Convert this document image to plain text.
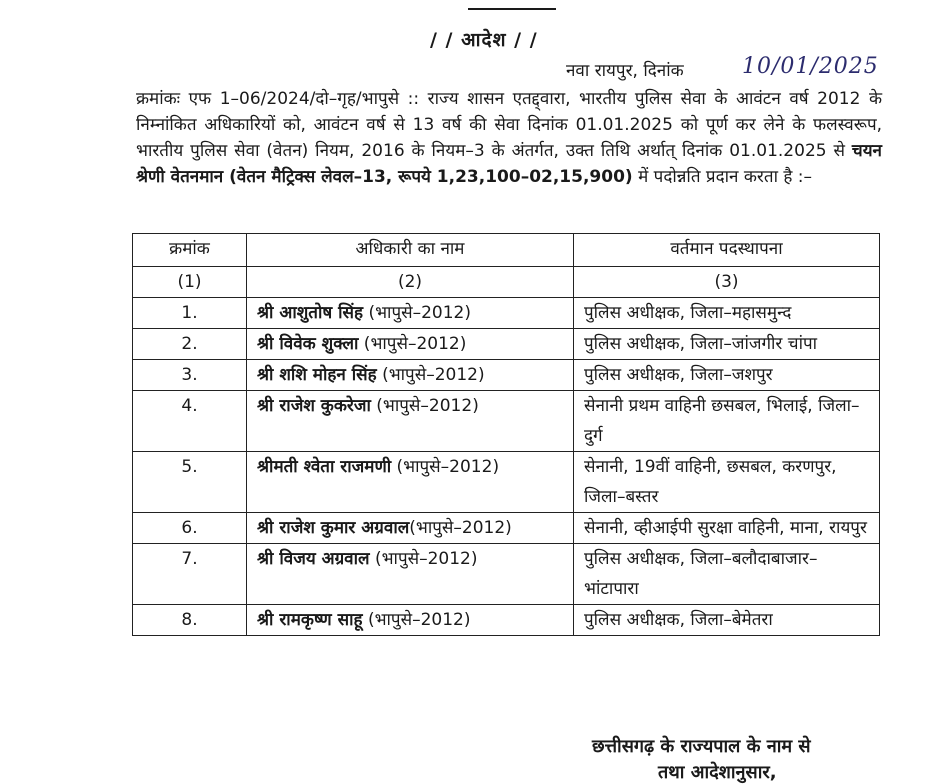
/ / आदेश / /
नवा रायपुर, दिनांक	10/01/2025
क्रमांकः एफ 1–06/2024/दो–गृह/भापुसे :: राज्य शासन एतद्द्वारा, भारतीय पुलिस सेवा के आवंटन वर्ष 2012 के निम्नांकित अधिकारियों को, आवंटन वर्ष से 13 वर्ष की सेवा दिनांक 01.01.2025 को पूर्ण कर लेने के फलस्वरूप, भारतीय पुलिस सेवा (वेतन) नियम, 2016 के नियम–3 के अंतर्गत, उक्त तिथि अर्थात् दिनांक 01.01.2025 से चयन श्रेणी वेतनमान (वेतन मैट्रिक्स लेवल–13, रूपये 1,23,100–02,15,900) में पदोन्नति प्रदान करता है :–
क्रमांक	अधिकारी का नाम	वर्तमान पदस्थापना
(1)	(2)	(3)
1.	श्री आशुतोष सिंह (भापुसे–2012)	पुलिस अधीक्षक, जिला–महासमुन्द
2.	श्री विवेक शुक्ला (भापुसे–2012)	पुलिस अधीक्षक, जिला–जांजगीर चांपा
3.	श्री शशि मोहन सिंह (भापुसे–2012)	पुलिस अधीक्षक, जिला–जशपुर
4.	श्री राजेश कुकरेजा (भापुसे–2012)	सेनानी प्रथम वाहिनी छसबल, भिलाई, जिला–दुर्ग
5.	श्रीमती श्वेता राजमणी (भापुसे–2012)	सेनानी, 19वीं वाहिनी, छसबल, करणपुर, जिला–बस्तर
6.	श्री राजेश कुमार अग्रवाल(भापुसे–2012)	सेनानी, व्हीआईपी सुरक्षा वाहिनी, माना, रायपुर
7.	श्री विजय अग्रवाल (भापुसे–2012)	पुलिस अधीक्षक, जिला–बलौदाबाजार–भांटापारा
8.	श्री रामकृष्ण साहू (भापुसे–2012)	पुलिस अधीक्षक, जिला–बेमेतरा
छत्तीसगढ़ के राज्यपाल के नाम से
तथा आदेशानुसार,
